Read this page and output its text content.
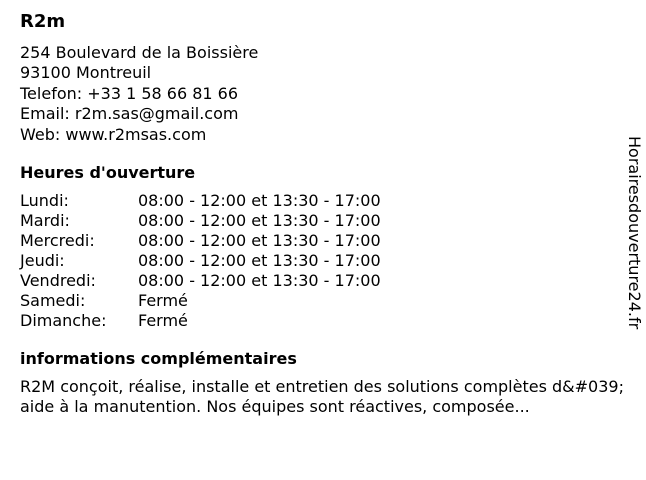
R2m
254 Boulevard de la Boissière
93100 Montreuil
Telefon: +33 1 58 66 81 66
Email: r2m.sas@gmail.com
Web: www.r2msas.com
Heures d'ouverture
Lundi:	08:00 - 12:00 et 13:30 - 17:00
Mardi:	08:00 - 12:00 et 13:30 - 17:00
Mercredi:	08:00 - 12:00 et 13:30 - 17:00
Jeudi:	08:00 - 12:00 et 13:30 - 17:00
Vendredi:	08:00 - 12:00 et 13:30 - 17:00
Samedi:	Fermé
Dimanche:	Fermé
informations complémentaires
R2M conçoit, réalise, installe et entretien des solutions complètes d&#039;aide à la manutention. Nos équipes sont réactives, composée...
Horairesdouverture24.fr
